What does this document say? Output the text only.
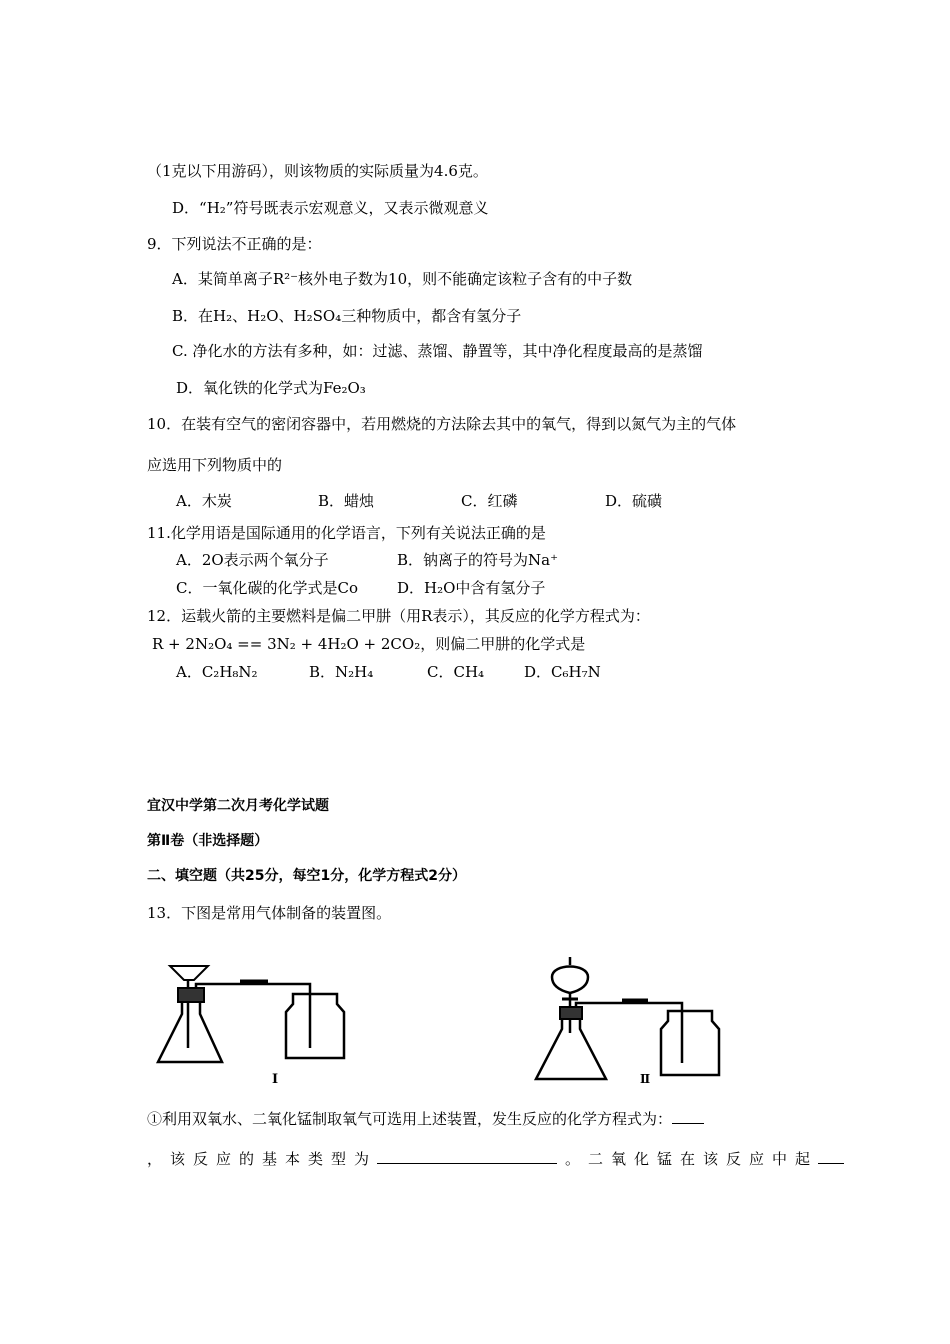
（1克以下用游码），则该物质的实际质量为4.6克。
D．“H₂”符号既表示宏观意义，又表示微观意义
9．下列说法不正确的是：
A．某简单离子R²⁻核外电子数为10，则不能确定该粒子含有的中子数
B．在H₂、H₂O、H₂SO₄三种物质中，都含有氢分子
C. 净化水的方法有多种，如：过滤、蒸馏、静置等，其中净化程度最高的是蒸馏
D．氧化铁的化学式为Fe₂O₃
10．在装有空气的密闭容器中，若用燃烧的方法除去其中的氧气，得到以氮气为主的气体
应选用下列物质中的
A．木炭	B．蜡烛	C．红磷	D．硫磺
11.化学用语是国际通用的化学语言，下列有关说法正确的是
A．2O表示两个氧分子	B．钠离子的符号为Na⁺
C．一氧化碳的化学式是Co	D．H₂O中含有氢分子
12．运载火箭的主要燃料是偏二甲肼（用R表示），其反应的化学方程式为：
R + 2N₂O₄ == 3N₂ + 4H₂O + 2CO₂，则偏二甲肼的化学式是
A．C₂H₈N₂	B．N₂H₄	C．CH₄	D．C₆H₇N
宜汉中学第二次月考化学试题
第Ⅱ卷（非选择题）
二、填空题（共25分，每空1分，化学方程式2分）
13．下图是常用气体制备的装置图。
Ⅰ	Ⅱ
①利用双氧水、二氧化锰制取氧气可选用上述装置，发生反应的化学方程式为：
，该反应的基本类型为	。二氧化锰在该反应中起
